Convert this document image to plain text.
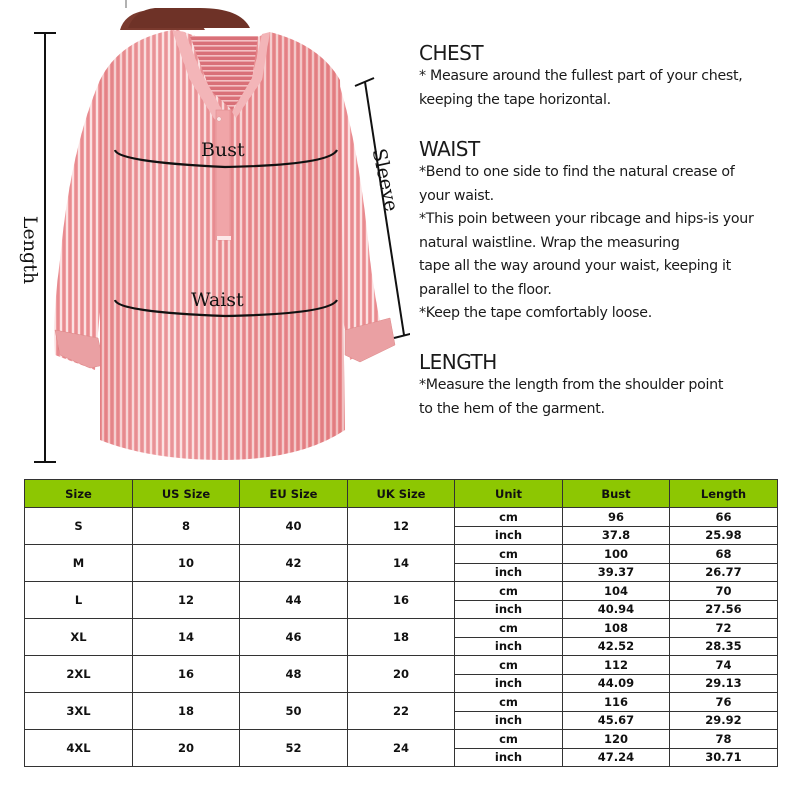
Length
Sleeve
Bust
Waist
CHEST
* Measure around the fullest part of your chest,
keeping the tape horizontal.
WAIST
*Bend to one side to find the natural crease of
your waist.
*This poin between your ribcage and hips-is your
natural waistline. Wrap the measuring
tape all the way around your waist, keeping it
parallel to the floor.
*Keep the tape comfortably loose.
LENGTH
*Measure the length from the shoulder point
to the hem of the garment.
Size	US Size	EU Size	UK Size	Unit	Bust	Length
S	8	40	12	cm	96	66
				inch	37.8	25.98
M	10	42	14	cm	100	68
				inch	39.37	26.77
L	12	44	16	cm	104	70
				inch	40.94	27.56
XL	14	46	18	cm	108	72
				inch	42.52	28.35
2XL	16	48	20	cm	112	74
				inch	44.09	29.13
3XL	18	50	22	cm	116	76
				inch	45.67	29.92
4XL	20	52	24	cm	120	78
				inch	47.24	30.71
